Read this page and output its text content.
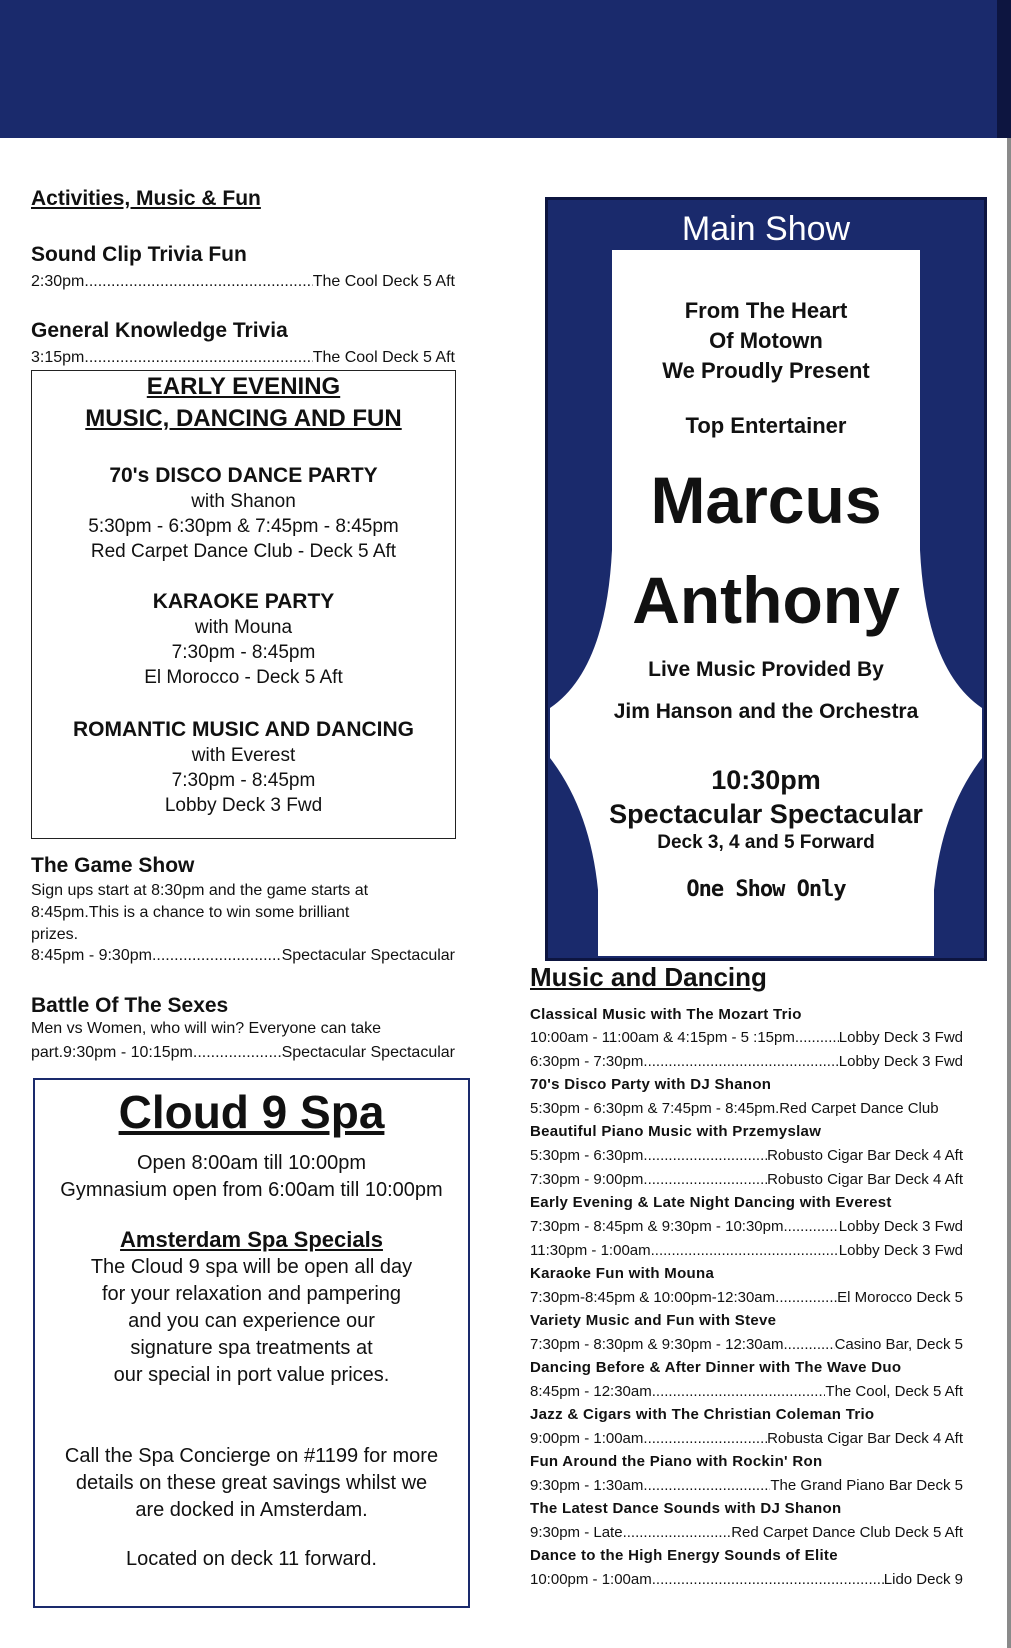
Activities, Music & Fun
Sound Clip Trivia Fun
2:30pm .....	The Cool Deck 5 Aft
General Knowledge Trivia
3:15pm .....	The Cool Deck 5 Aft
EARLY EVENING
MUSIC, DANCING AND FUN
70's DISCO DANCE PARTY
with Shanon
5:30pm - 6:30pm & 7:45pm - 8:45pm
Red Carpet Dance Club - Deck 5 Aft
KARAOKE PARTY
with Mouna
7:30pm - 8:45pm
El Morocco - Deck 5 Aft
ROMANTIC MUSIC AND DANCING
with Everest
7:30pm - 8:45pm
Lobby Deck 3 Fwd
The Game Show
Sign ups start at 8:30pm and the game starts at
8:45pm.This is a chance to win some brilliant
prizes.
8:45pm - 9:30pm .....	Spectacular Spectacular
Battle Of The Sexes
Men vs Women, who will win? Everyone can take
part.9:30pm - 10:15pm .....	Spectacular Spectacular
Cloud 9 Spa
Open 8:00am till 10:00pm
Gymnasium open from 6:00am till 10:00pm
Amsterdam Spa Specials
The Cloud 9 spa will be open all day
for your relaxation and pampering
and you can experience our
signature spa treatments at
our special in port value prices.
Call the Spa Concierge on #1199 for more
details on these great savings whilst we
are docked in Amsterdam.
Located on deck 11 forward.
Main Show
From The Heart
Of Motown
We Proudly Present
Top Entertainer
Marcus
Anthony
Live Music Provided By
Jim Hanson and the Orchestra
10:30pm
Spectacular Spectacular
Deck 3, 4 and 5 Forward
One Show Only
Music and Dancing
Classical Music with The Mozart Trio
10:00am - 11:00am & 4:15pm - 5 :15pm .....	Lobby Deck 3 Fwd
6:30pm - 7:30pm .....	Lobby Deck 3 Fwd
70's Disco Party with DJ Shanon
5:30pm - 6:30pm & 7:45pm - 8:45pm. Red Carpet Dance Club
Beautiful Piano Music with Przemyslaw
5:30pm - 6:30pm .....	Robusto Cigar Bar Deck 4 Aft
7:30pm - 9:00pm .....	Robusto Cigar Bar Deck 4 Aft
Early Evening & Late Night Dancing with Everest
7:30pm - 8:45pm & 9:30pm - 10:30pm .....	Lobby Deck 3 Fwd
11:30pm - 1:00am .....	Lobby Deck 3 Fwd
Karaoke Fun with Mouna
7:30pm-8:45pm & 10:00pm-12:30am .....	El Morocco Deck 5
Variety Music and Fun with Steve
7:30pm - 8:30pm & 9:30pm - 12:30am .....	Casino Bar, Deck 5
Dancing Before & After Dinner with The Wave Duo
8:45pm - 12:30am .....	The Cool, Deck 5 Aft
Jazz & Cigars with The Christian Coleman Trio
9:00pm - 1:00am .....	Robusta Cigar Bar Deck 4 Aft
Fun Around the Piano with Rockin' Ron
9:30pm - 1:30am .....	The Grand Piano Bar Deck 5
The Latest Dance Sounds with DJ Shanon
9:30pm - Late .....	Red Carpet Dance Club Deck 5 Aft
Dance to the High Energy Sounds of Elite
10:00pm - 1:00am .....	Lido Deck 9
